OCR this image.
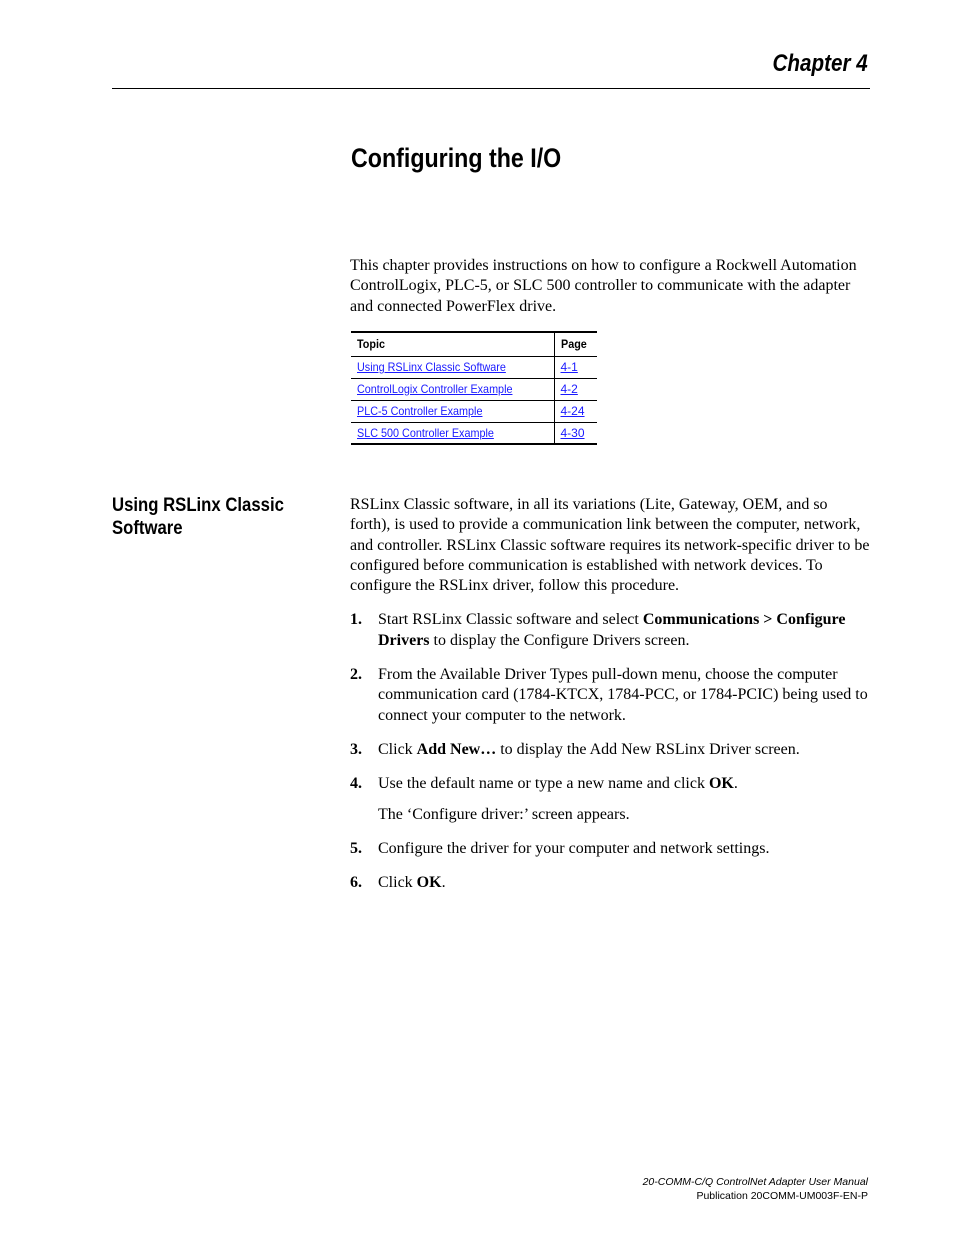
Chapter 4
Configuring the I/O

This chapter provides instructions on how to configure a Rockwell Automation ControlLogix, PLC-5, or SLC 500 controller to communicate with the adapter and connected PowerFlex drive.

Topic	Page
Using RSLinx Classic Software	4-1
ControlLogix Controller Example	4-2
PLC-5 Controller Example	4-24
SLC 500 Controller Example	4-30
Using RSLinx Classic Software

RSLinx Classic software, in all its variations (Lite, Gateway, OEM, and so forth), is used to provide a communication link between the computer, network, and controller. RSLinx Classic software requires its network-specific driver to be configured before communication is established with network devices. To configure the RSLinx driver, follow this procedure.

1. Start RSLinx Classic software and select Communications > Configure Drivers to display the Configure Drivers screen.
2. From the Available Driver Types pull-down menu, choose the computer communication card (1784-KTCX, 1784-PCC, or 1784-PCIC) being used to connect your computer to the network.
3. Click Add New… to display the Add New RSLinx Driver screen.
4. Use the default name or type a new name and click OK.
The ‘Configure driver:’ screen appears.
5. Configure the driver for your computer and network settings.
6. Click OK.
20-COMM-C/Q ControlNet Adapter User Manual
Publication 20COMM-UM003F-EN-P
